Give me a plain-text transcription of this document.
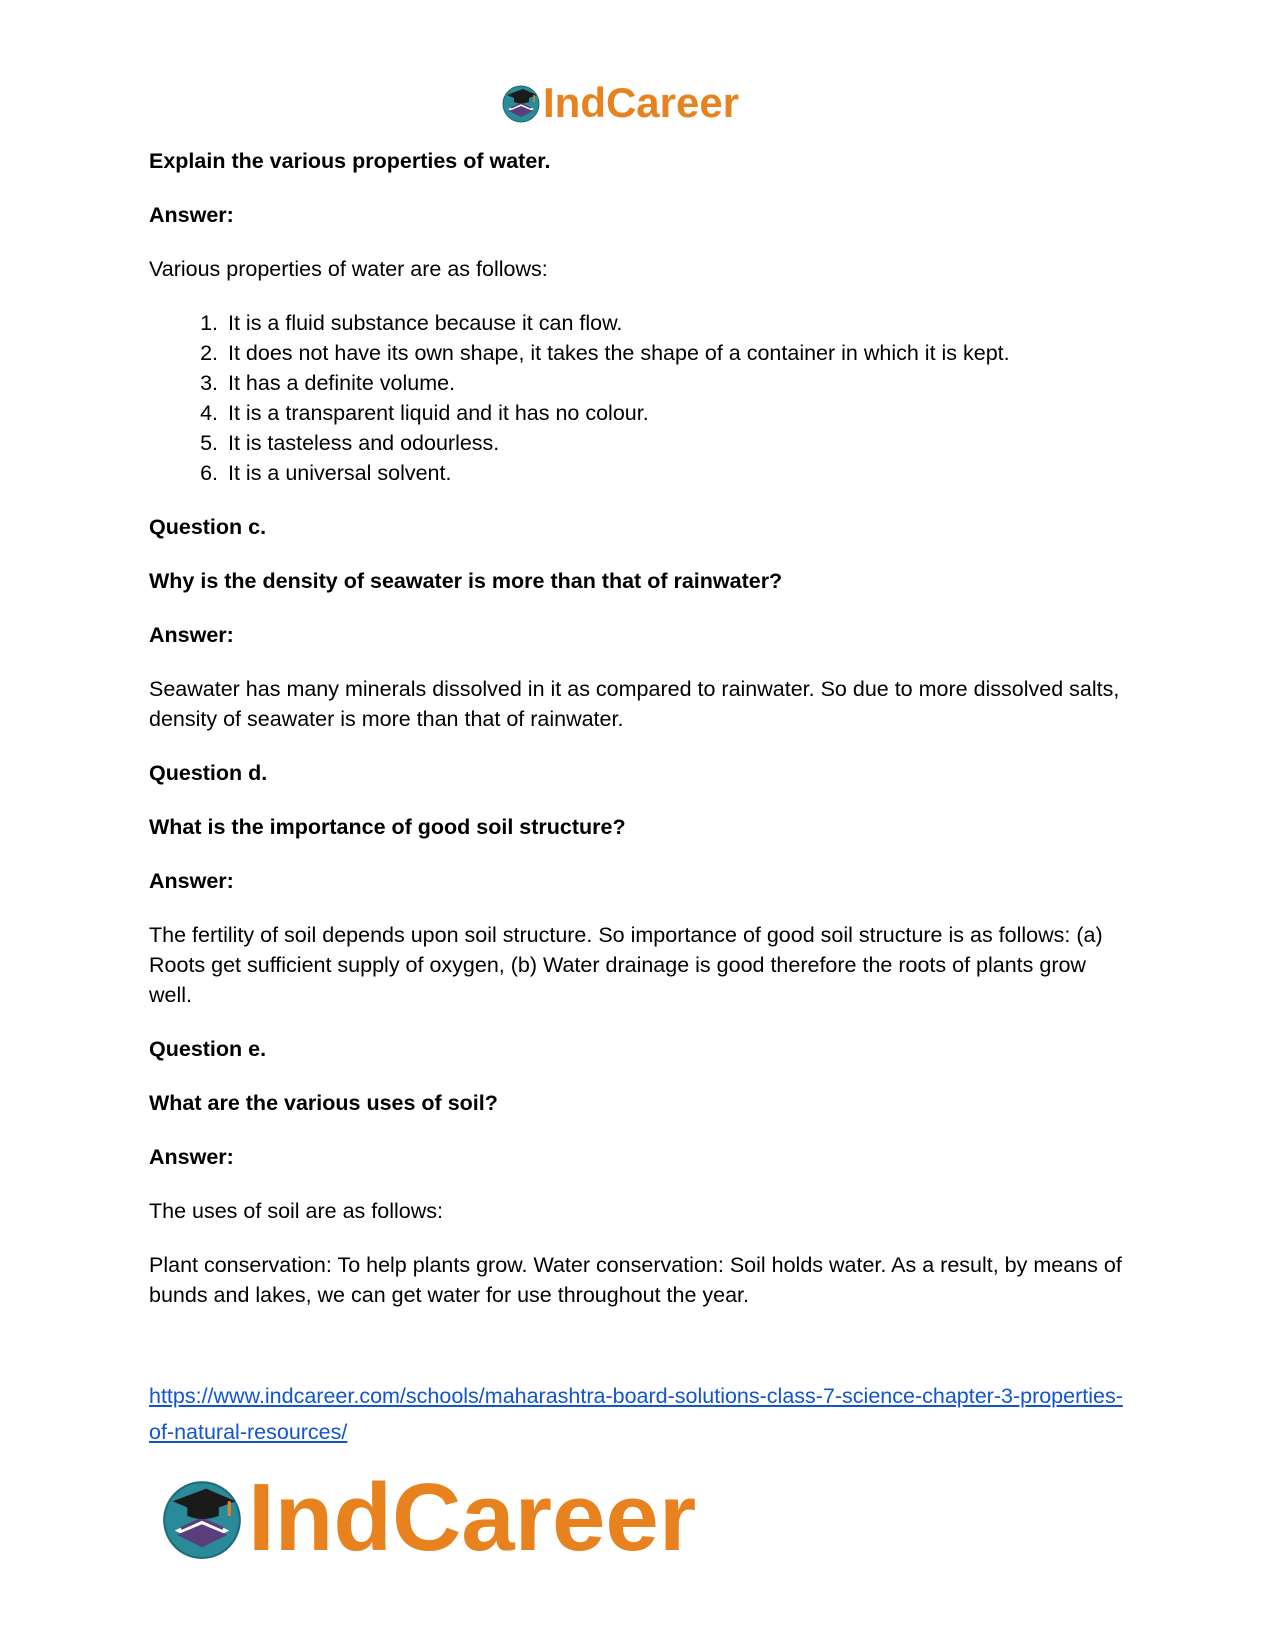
IndCareer

Explain the various properties of water.

Answer:

Various properties of water are as follows:

1. It is a fluid substance because it can flow.
2. It does not have its own shape, it takes the shape of a container in which it is kept.
3. It has a definite volume.
4. It is a transparent liquid and it has no colour.
5. It is tasteless and odourless.
6. It is a universal solvent.

Question c.

Why is the density of seawater is more than that of rainwater?

Answer:

Seawater has many minerals dissolved in it as compared to rainwater. So due to more dissolved salts, density of seawater is more than that of rainwater.

Question d.

What is the importance of good soil structure?

Answer:

The fertility of soil depends upon soil structure. So importance of good soil structure is as follows: (a) Roots get sufficient supply of oxygen, (b) Water drainage is good therefore the roots of plants grow well.

Question e.

What are the various uses of soil?

Answer:

The uses of soil are as follows:

Plant conservation: To help plants grow. Water conservation: Soil holds water. As a result, by means of bunds and lakes, we can get water for use throughout the year.

https://www.indcareer.com/schools/maharashtra-board-solutions-class-7-science-chapter-3-properties-of-natural-resources/
IndCareer
